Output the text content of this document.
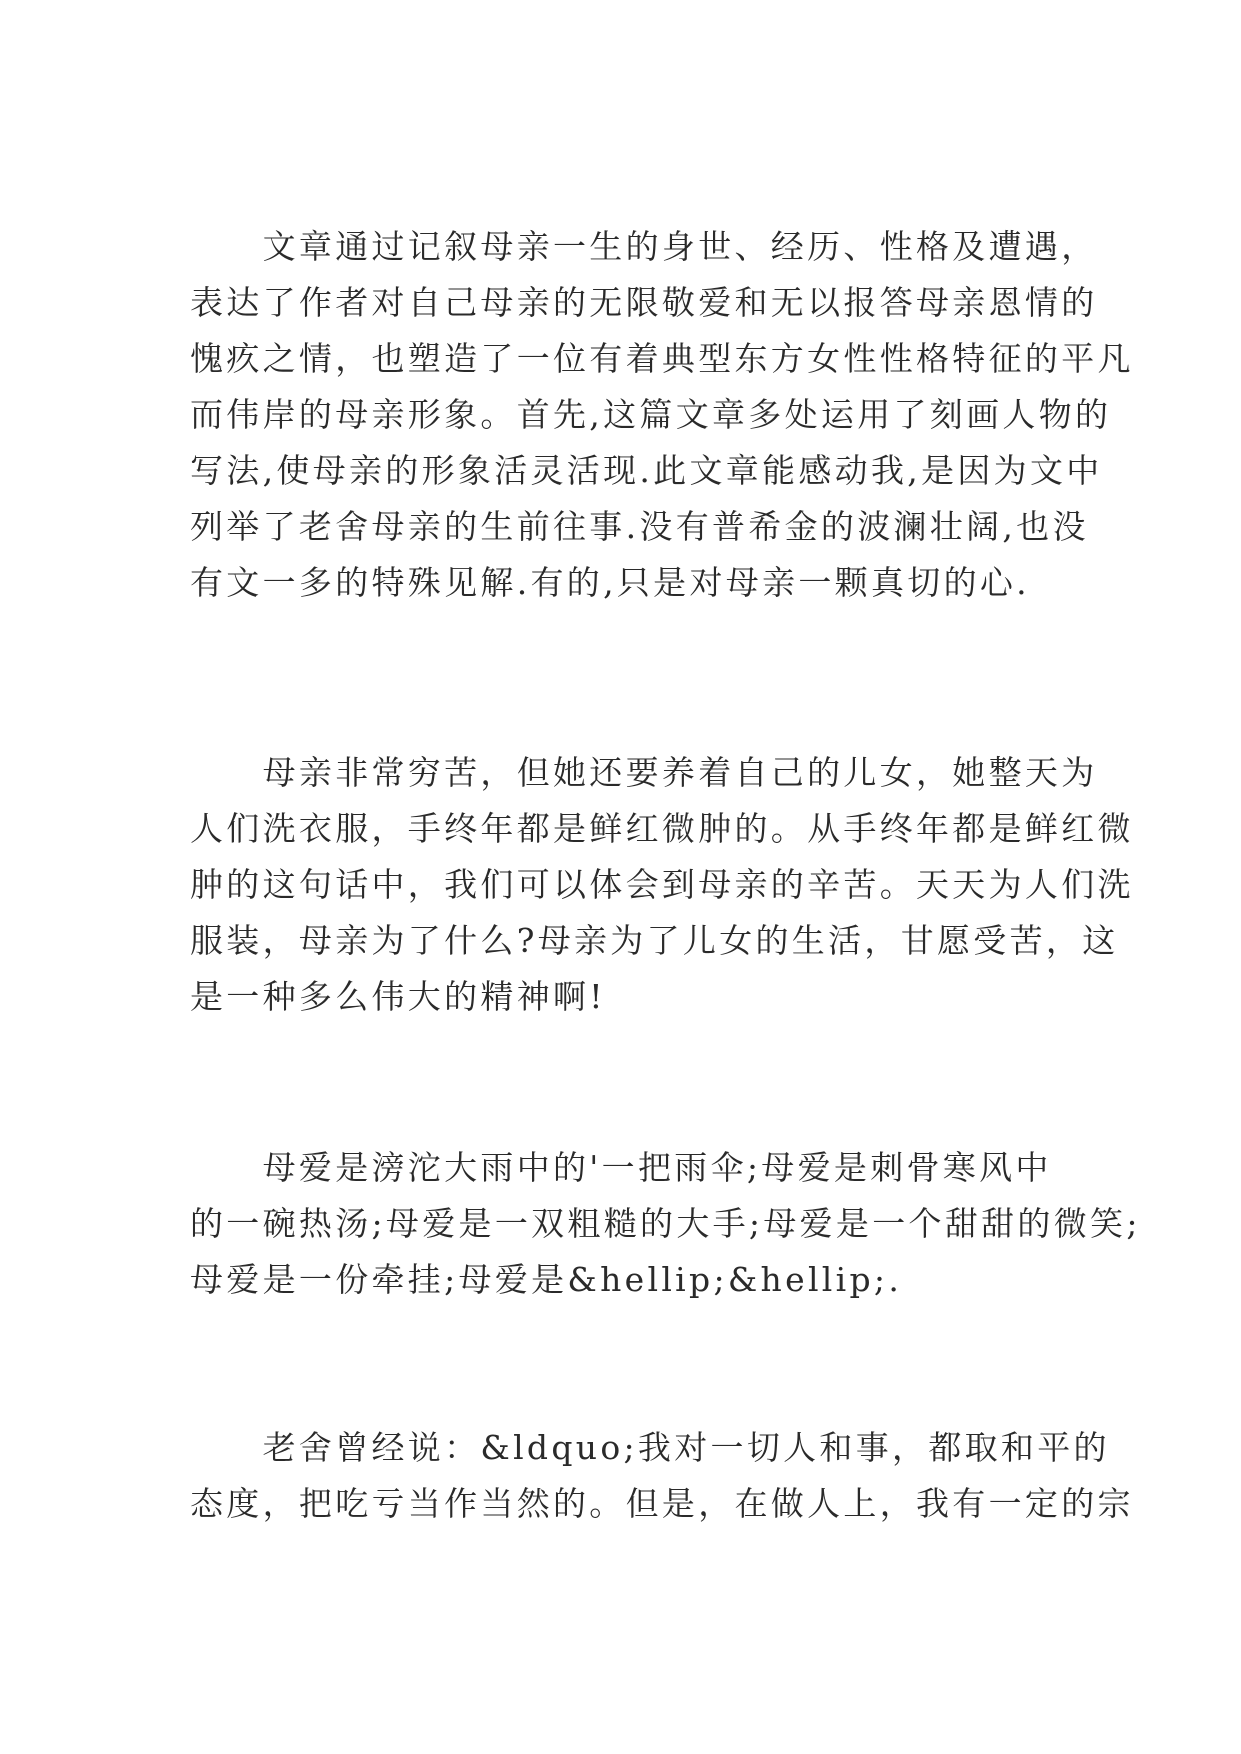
　　文章通过记叙母亲一生的身世、经历、性格及遭遇，
表达了作者对自己母亲的无限敬爱和无以报答母亲恩情的
愧疚之情，也塑造了一位有着典型东方女性性格特征的平凡
而伟岸的母亲形象。首先,这篇文章多处运用了刻画人物的
写法,使母亲的形象活灵活现.此文章能感动我,是因为文中
列举了老舍母亲的生前往事.没有普希金的波澜壮阔,也没
有文一多的特殊见解.有的,只是对母亲一颗真切的心.
　　母亲非常穷苦，但她还要养着自己的儿女，她整天为
人们洗衣服，手终年都是鲜红微肿的。从手终年都是鲜红微
肿的这句话中，我们可以体会到母亲的辛苦。天天为人们洗
服装，母亲为了什么?母亲为了儿女的生活，甘愿受苦，这
是一种多么伟大的精神啊!
　　母爱是滂沱大雨中的'一把雨伞;母爱是刺骨寒风中
的一碗热汤;母爱是一双粗糙的大手;母爱是一个甜甜的微笑;
母爱是一份牵挂;母爱是&hellip;&hellip;.
　　老舍曾经说：&ldquo;我对一切人和事，都取和平的
态度，把吃亏当作当然的。但是，在做人上，我有一定的宗
